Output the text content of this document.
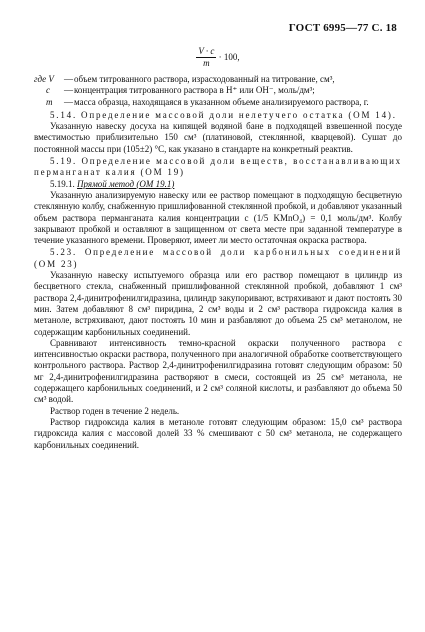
ГОСТ 6995—77 С. 18
$\frac{V \cdot c}{m} \cdot 100$,
где V	— объем титрованного раствора, израсходованный на титрование, см³,
c	— концентрация титрованного раствора в H⁺ или OH⁻, моль/дм³;
m	— масса образца, находящаяся в указанном объеме анализируемого раствора, г.

5.14. Определение массовой доли нелетучего остатка (ОМ 14).

Указанную навеску досуха на кипящей водяной бане в подходящей взвешенной посуде вместимостью приблизительно 150 см³ (платиновой, стеклянной, кварцевой). Сушат до постоянной массы при (105±2) °С, как указано в стандарте на конкретный реактив.

5.19. Определение массовой доли веществ, восстанавливающих перманганат калия (ОМ 19)

5.19.1. Прямой метод (ОМ 19.1)

Указанную анализируемую навеску или ее раствор помещают в подходящую бесцветную стеклянную колбу, снабженную пришлифованной стеклянной пробкой, и добавляют указанный объем раствора перманганата калия концентрации c (1/5 KMnO₄) = 0,1 моль/дм³. Колбу закрывают пробкой и оставляют в защищенном от света месте при заданной температуре в течение указанного времени. Проверяют, имеет ли место остаточная окраска раствора.

5.23. Определение массовой доли карбонильных соединений (ОМ 23)

Указанную навеску испытуемого образца или его раствор помещают в цилиндр из бесцветного стекла, снабженный пришлифованной стеклянной пробкой, добавляют 1 см³ раствора 2,4-динитрофенилгидразина, цилиндр закупоривают, встряхивают и дают постоять 30 мин. Затем добавляют 8 см³ пиридина, 2 см³ воды и 2 см³ раствора гидроксида калия в метаноле, встряхивают, дают постоять 10 мин и разбавляют до объема 25 см³ метанолом, не содержащим карбонильных соединений.

Сравнивают интенсивность темно-красной окраски полученного раствора с интенсивностью окраски раствора, полученного при аналогичной обработке соответствующего контрольного раствора. Раствор 2,4-динитрофенилгидразина готовят следующим образом: 50 мг 2,4-динитрофенилгидразина растворяют в смеси, состоящей из 25 см³ метанола, не содержащего карбонильных соединений, и 2 см³ соляной кислоты, и разбавляют до объема 50 см³ водой.

Раствор годен в течение 2 недель.

Раствор гидроксида калия в метаноле готовят следующим образом: 15,0 см³ раствора гидроксида калия с массовой долей 33 % смешивают с 50 см³ метанола, не содержащего карбонильных соединений.
